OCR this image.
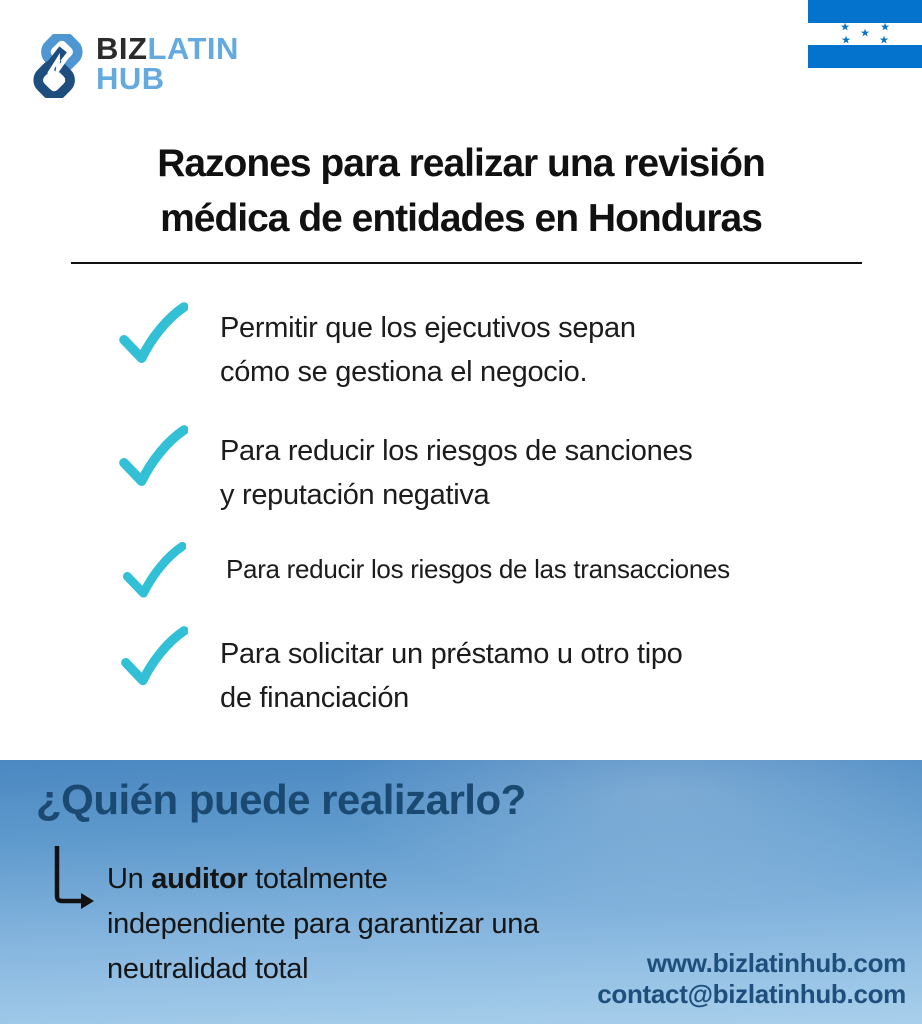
BIZLATIN
HUB
★	★
★
★	★
Razones para realizar una revisión
médica de entidades en Honduras
Permitir que los ejecutivos sepan
cómo se gestiona el negocio.
Para reducir los riesgos de sanciones
y reputación negativa
Para reducir los riesgos de las transacciones
Para solicitar un préstamo u otro tipo
de financiación
¿Quién puede realizarlo?

Un auditor totalmente independiente para garantizar una neutralidad total	www.bizlatinhub.com
contact@bizlatinhub.com
